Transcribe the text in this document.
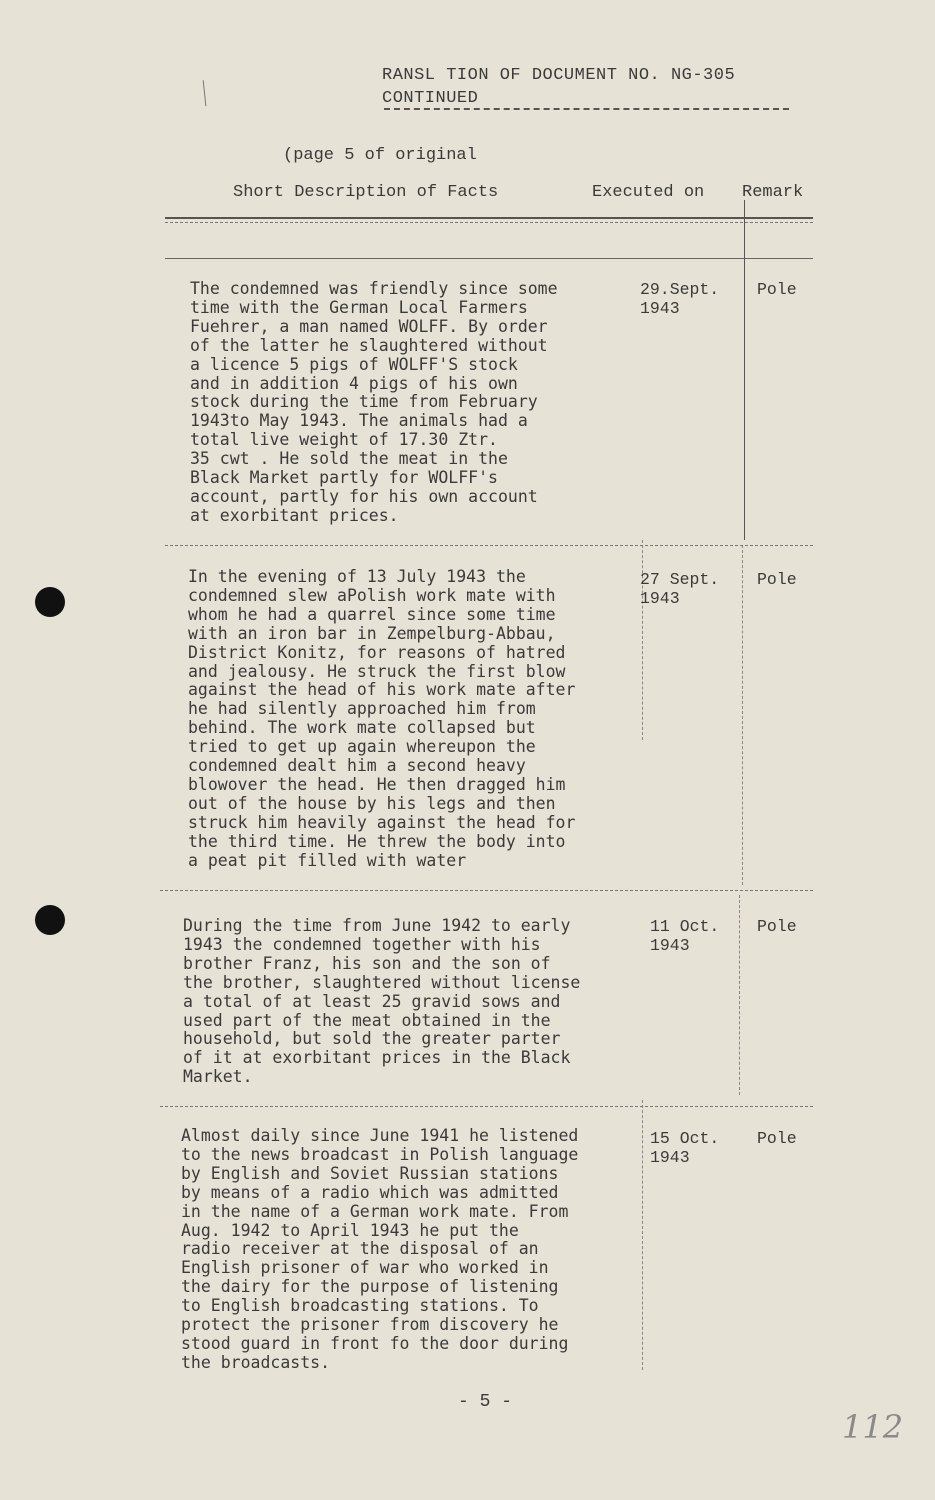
RANSL TION OF DOCUMENT NO. NG-305
CONTINUED
(page 5 of original
Short Description of Facts	Executed on Remark
The condemned was friendly since some
time with the German Local Farmers
Fuehrer, a man named WOLFF. By order
of the latter he slaughtered without
a licence 5 pigs of WOLFF'S stock
and in addition 4 pigs of his own
stock during the time from February
1943to May 1943. The animals had a
total live weight of 17.30 Ztr.
35 cwt . He sold the meat in the
Black Market partly for WOLFF's
account, partly for his own account
at exorbitant prices.
29.Sept.
1943
Pole
In the evening of 13 July 1943 the
condemned slew aPolish work mate with
whom he had a quarrel since some time
with an iron bar in Zempelburg-Abbau,
District Konitz, for reasons of hatred
and jealousy. He struck the first blow
against the head of his work mate after
he had silently approached him from
behind. The work mate collapsed but
tried to get up again whereupon the
condemned dealt him a second heavy
blowover the head. He then dragged him
out of the house by his legs and then
struck him heavily against the head for
the third time. He threw the body into
a peat pit filled with water
27 Sept.
1943
Pole
During the time from June 1942 to early
1943 the condemned together with his
brother Franz, his son and the son of
the brother, slaughtered without license
a total of at least 25 gravid sows and
used part of the meat obtained in the
household, but sold the greater parter
of it at exorbitant prices in the Black
Market.
11 Oct.
1943
Pole
Almost daily since June 1941 he listened
to the news broadcast in Polish language
by English and Soviet Russian stations
by means of a radio which was admitted
in the name of a German work mate. From
Aug. 1942 to April 1943 he put the
radio receiver at the disposal of an
English prisoner of war who worked in
the dairy for the purpose of listening
to English broadcasting stations. To
protect the prisoner from discovery he
stood guard in front fo the door during
the broadcasts.
15 Oct.
1943
Pole
- 5 -
112
